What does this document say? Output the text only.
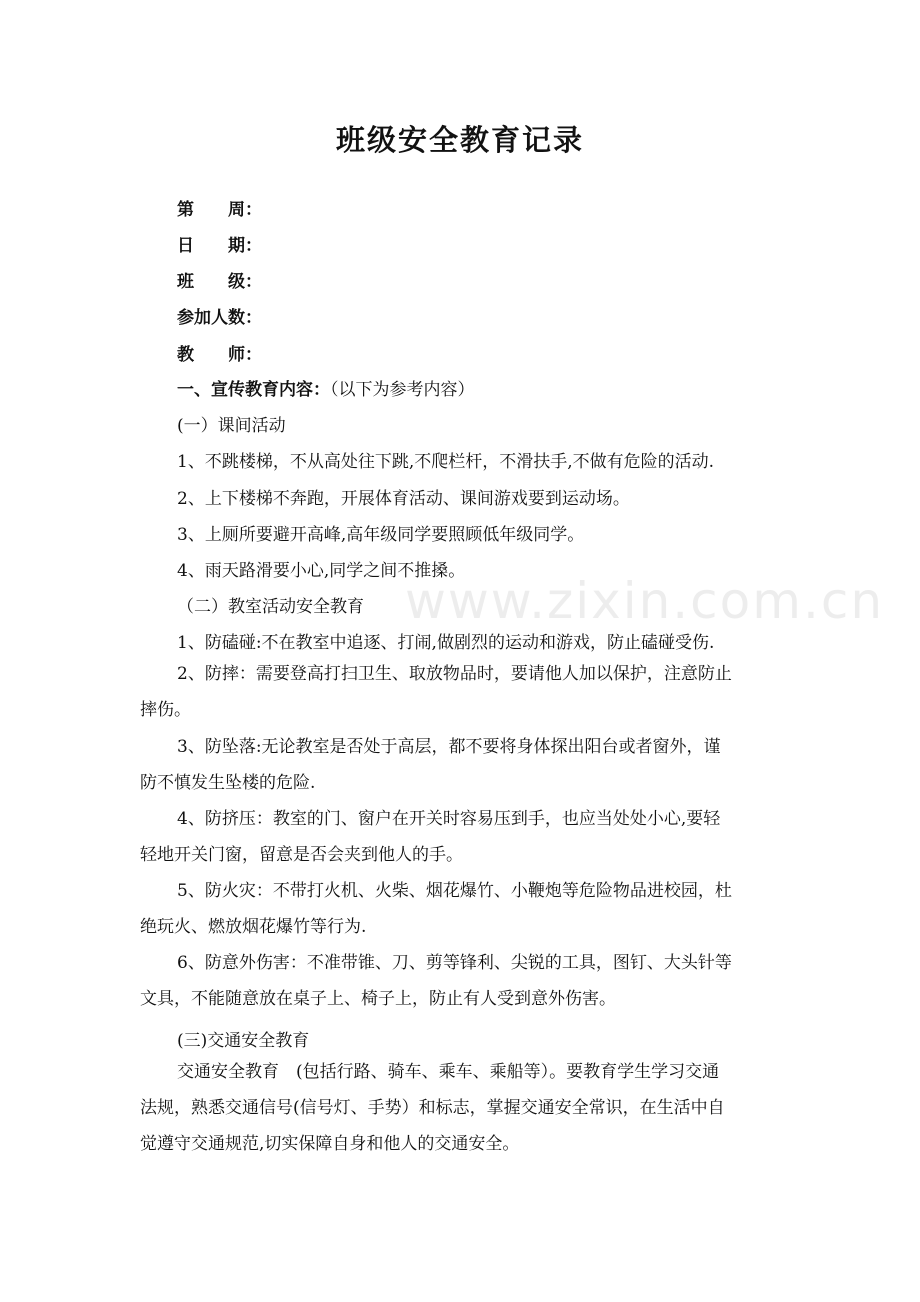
www.zixin.com.cn
班级安全教育记录
第　　周：
日　　期：
班　　级：
参加人数：
教　　师：
一、宣传教育内容：（以下为参考内容）
(一）课间活动
1、不跳楼梯，不从高处往下跳,不爬栏杆，不滑扶手,不做有危险的活动.
2、上下楼梯不奔跑，开展体育活动、课间游戏要到运动场。
3、上厕所要避开高峰,高年级同学要照顾低年级同学。
4、雨天路滑要小心,同学之间不推搡。
（二）教室活动安全教育
1、防磕碰:不在教室中追逐、打闹,做剧烈的运动和游戏，防止磕碰受伤.
2、防摔：需要登高打扫卫生、取放物品时，要请他人加以保护，注意防止
摔伤。
3、防坠落:无论教室是否处于高层，都不要将身体探出阳台或者窗外，谨
防不慎发生坠楼的危险.
4、防挤压：教室的门、窗户在开关时容易压到手，也应当处处小心,要轻
轻地开关门窗，留意是否会夹到他人的手。
5、防火灾：不带打火机、火柴、烟花爆竹、小鞭炮等危险物品进校园，杜
绝玩火、燃放烟花爆竹等行为.
6、防意外伤害：不准带锥、刀、剪等锋利、尖锐的工具，图钉、大头针等
文具，不能随意放在桌子上、椅子上，防止有人受到意外伤害。
(三)交通安全教育
交通安全教育　(包括行路、骑车、乘车、乘船等）。要教育学生学习交通
法规，熟悉交通信号(信号灯、手势）和标志，掌握交通安全常识，在生活中自
觉遵守交通规范,切实保障自身和他人的交通安全。
